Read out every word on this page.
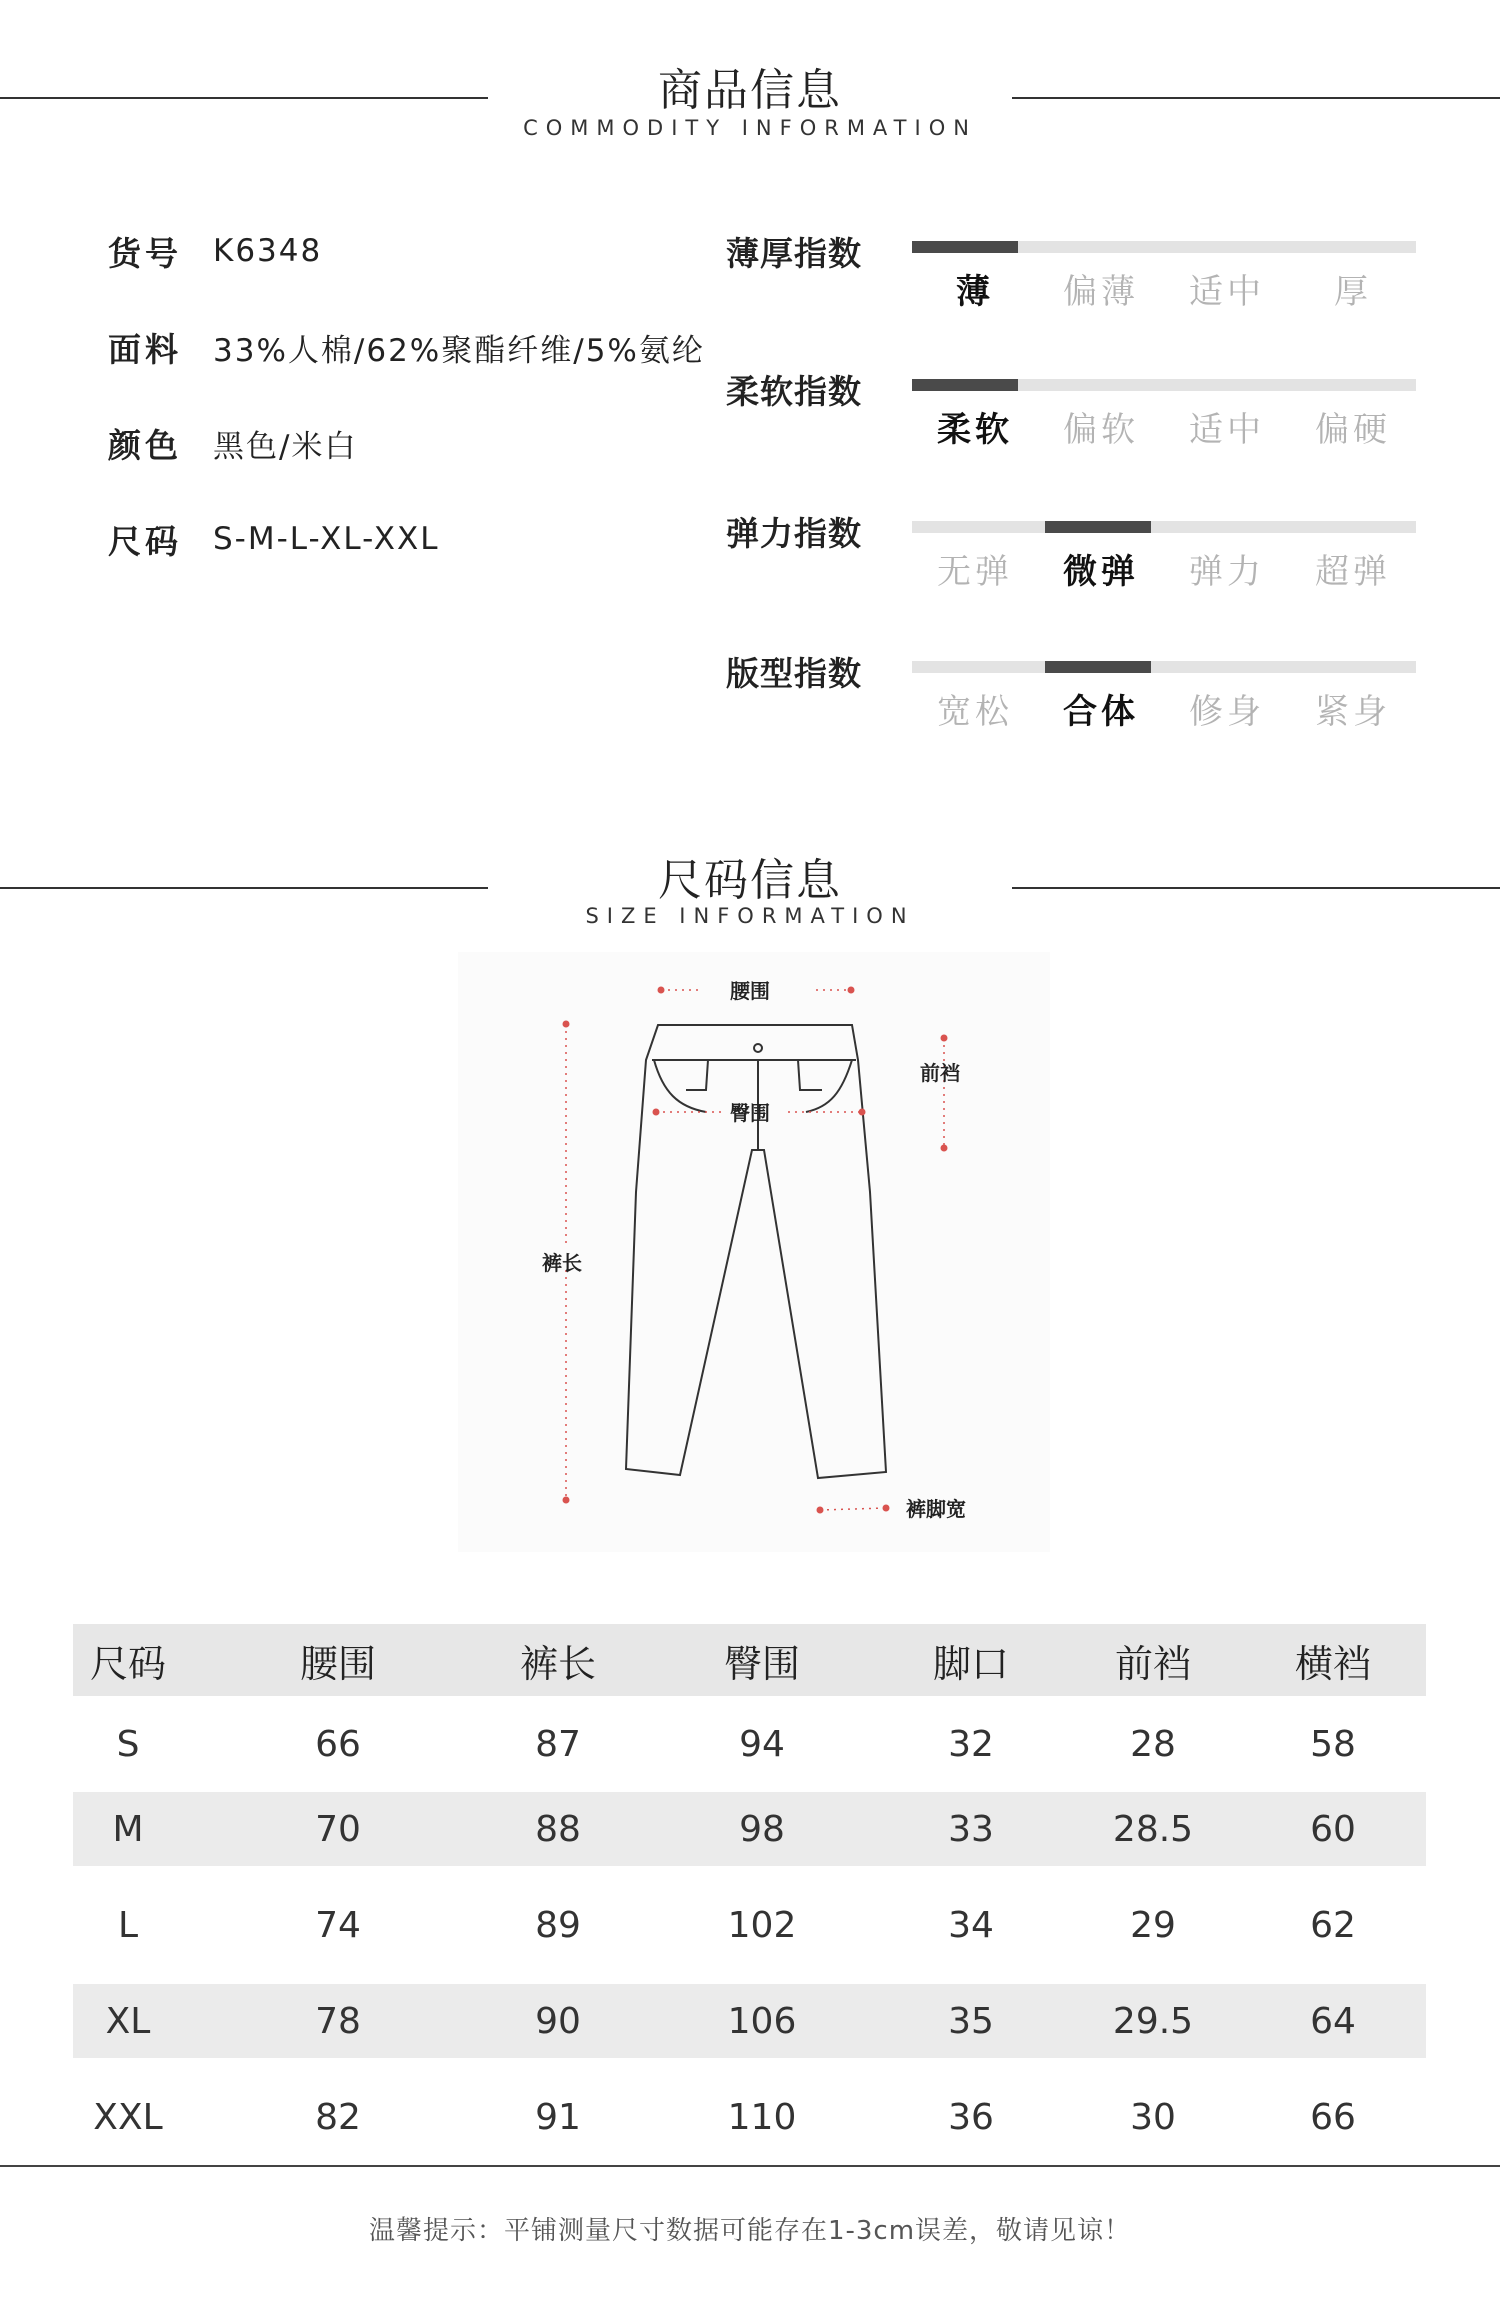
商品信息
COMMODITY INFORMATION
货号	K6348
面料	33%人棉/62%聚酯纤维/5%氨纶
颜色	黑色/米白
尺码	S-M-L-XL-XXL
薄厚指数
薄	偏薄	适中	厚
柔软指数
柔软	偏软	适中	偏硬
弹力指数
无弹	微弹	弹力	超弹
版型指数
宽松	合体	修身	紧身
尺码信息
SIZE INFORMATION
腰围
前裆
臀围
裤长
裤脚宽
尺码	腰围	裤长	臀围	脚口	前裆	横裆
S	66	87	94	32	28	58
M	70	88	98	33	28.5	60
L	74	89	102	34	29	62
XL	78	90	106	35	29.5	64
XXL	82	91	110	36	30	66
温馨提示：平铺测量尺寸数据可能存在1-3cm误差，敬请见谅！
